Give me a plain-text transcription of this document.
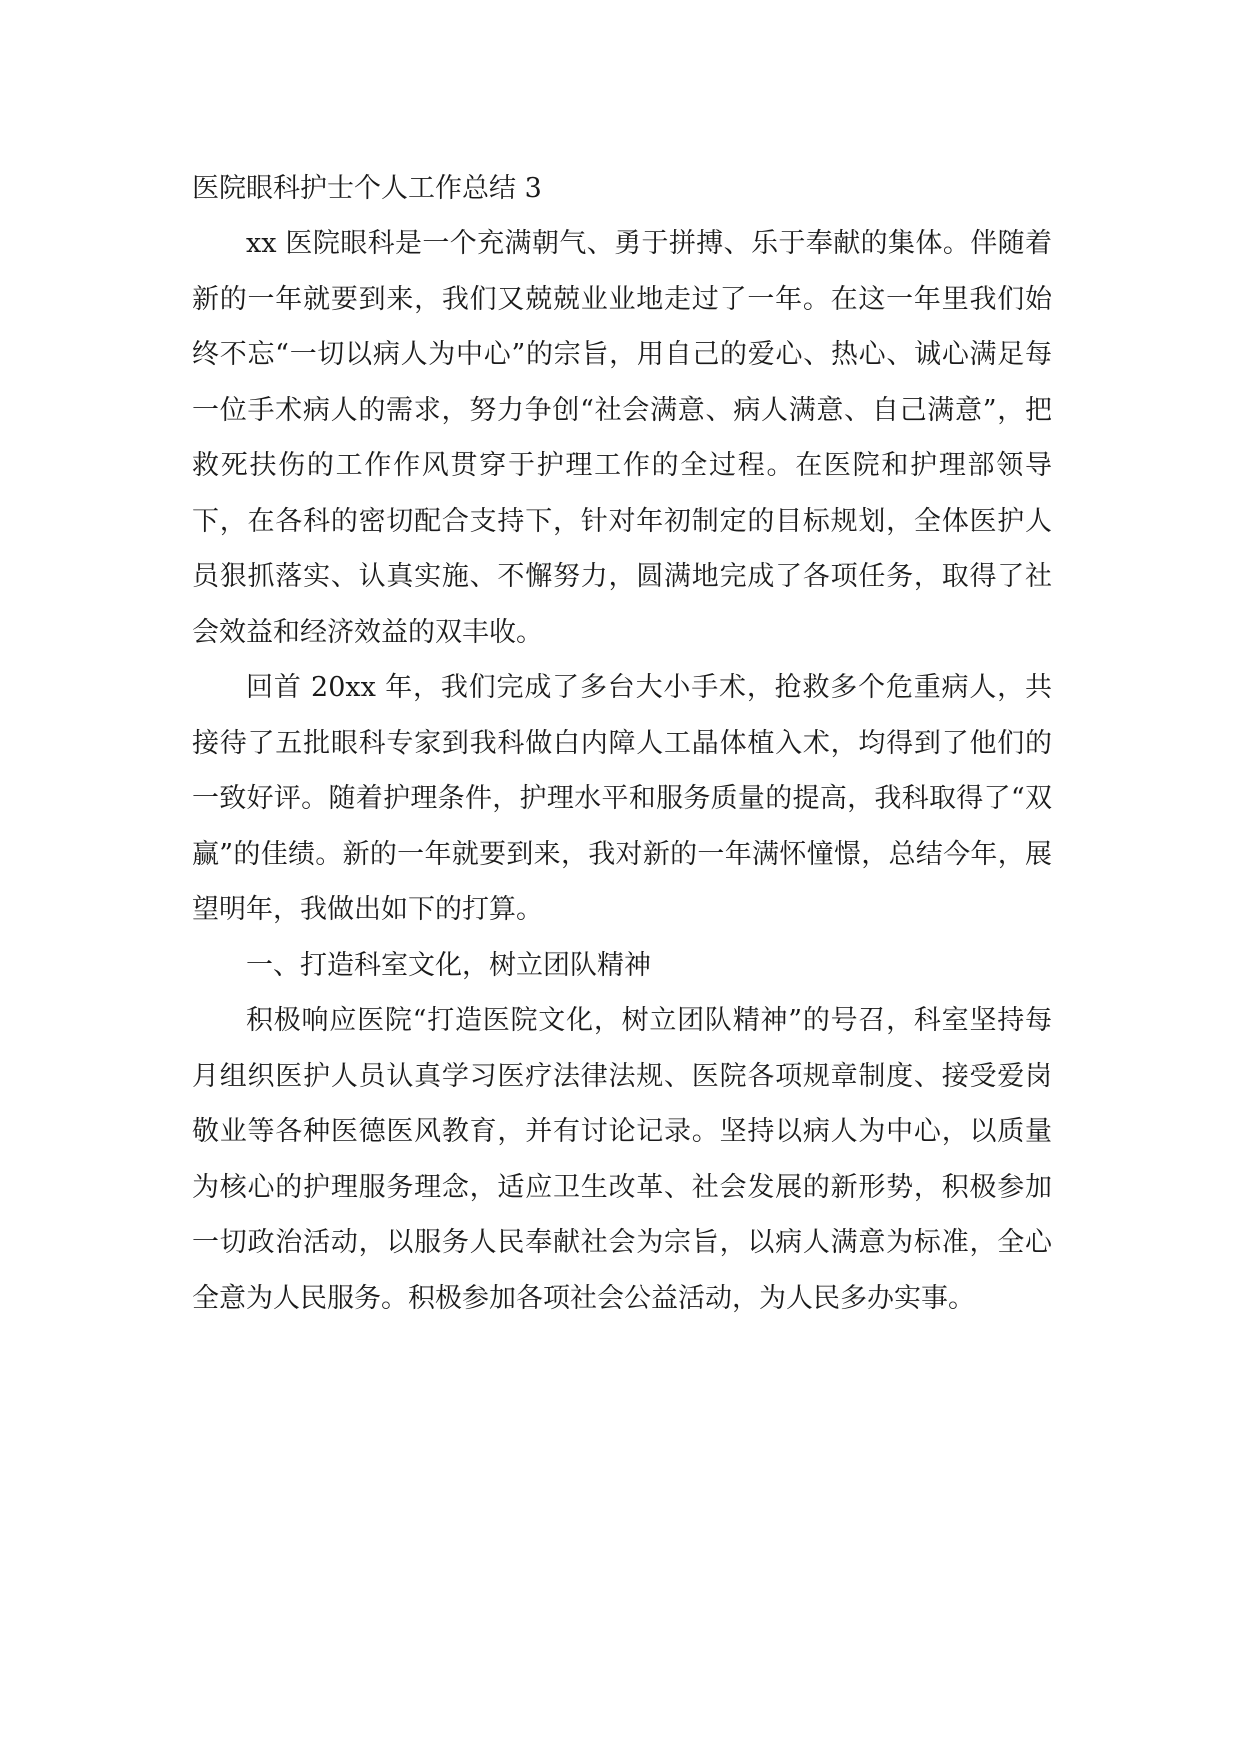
医院眼科护士个人工作总结 3

xx 医院眼科是一个充满朝气、勇于拼搏、乐于奉献的集体。伴随着新的一年就要到来，我们又兢兢业业地走过了一年。在这一年里我们始终不忘“一切以病人为中心”的宗旨，用自己的爱心、热心、诚心满足每一位手术病人的需求，努力争创“社会满意、病人满意、自己满意”，把救死扶伤的工作作风贯穿于护理工作的全过程。在医院和护理部领导下，在各科的密切配合支持下，针对年初制定的目标规划，全体医护人员狠抓落实、认真实施、不懈努力，圆满地完成了各项任务，取得了社会效益和经济效益的双丰收。

回首 20xx 年，我们完成了多台大小手术，抢救多个危重病人，共接待了五批眼科专家到我科做白内障人工晶体植入术，均得到了他们的一致好评。随着护理条件，护理水平和服务质量的提高，我科取得了“双赢”的佳绩。新的一年就要到来，我对新的一年满怀憧憬，总结今年，展望明年，我做出如下的打算。

一、打造科室文化，树立团队精神

积极响应医院“打造医院文化，树立团队精神”的号召，科室坚持每月组织医护人员认真学习医疗法律法规、医院各项规章制度、接受爱岗敬业等各种医德医风教育，并有讨论记录。坚持以病人为中心，以质量为核心的护理服务理念，适应卫生改革、社会发展的新形势，积极参加一切政治活动，以服务人民奉献社会为宗旨，以病人满意为标准，全心全意为人民服务。积极参加各项社会公益活动，为人民多办实事。
